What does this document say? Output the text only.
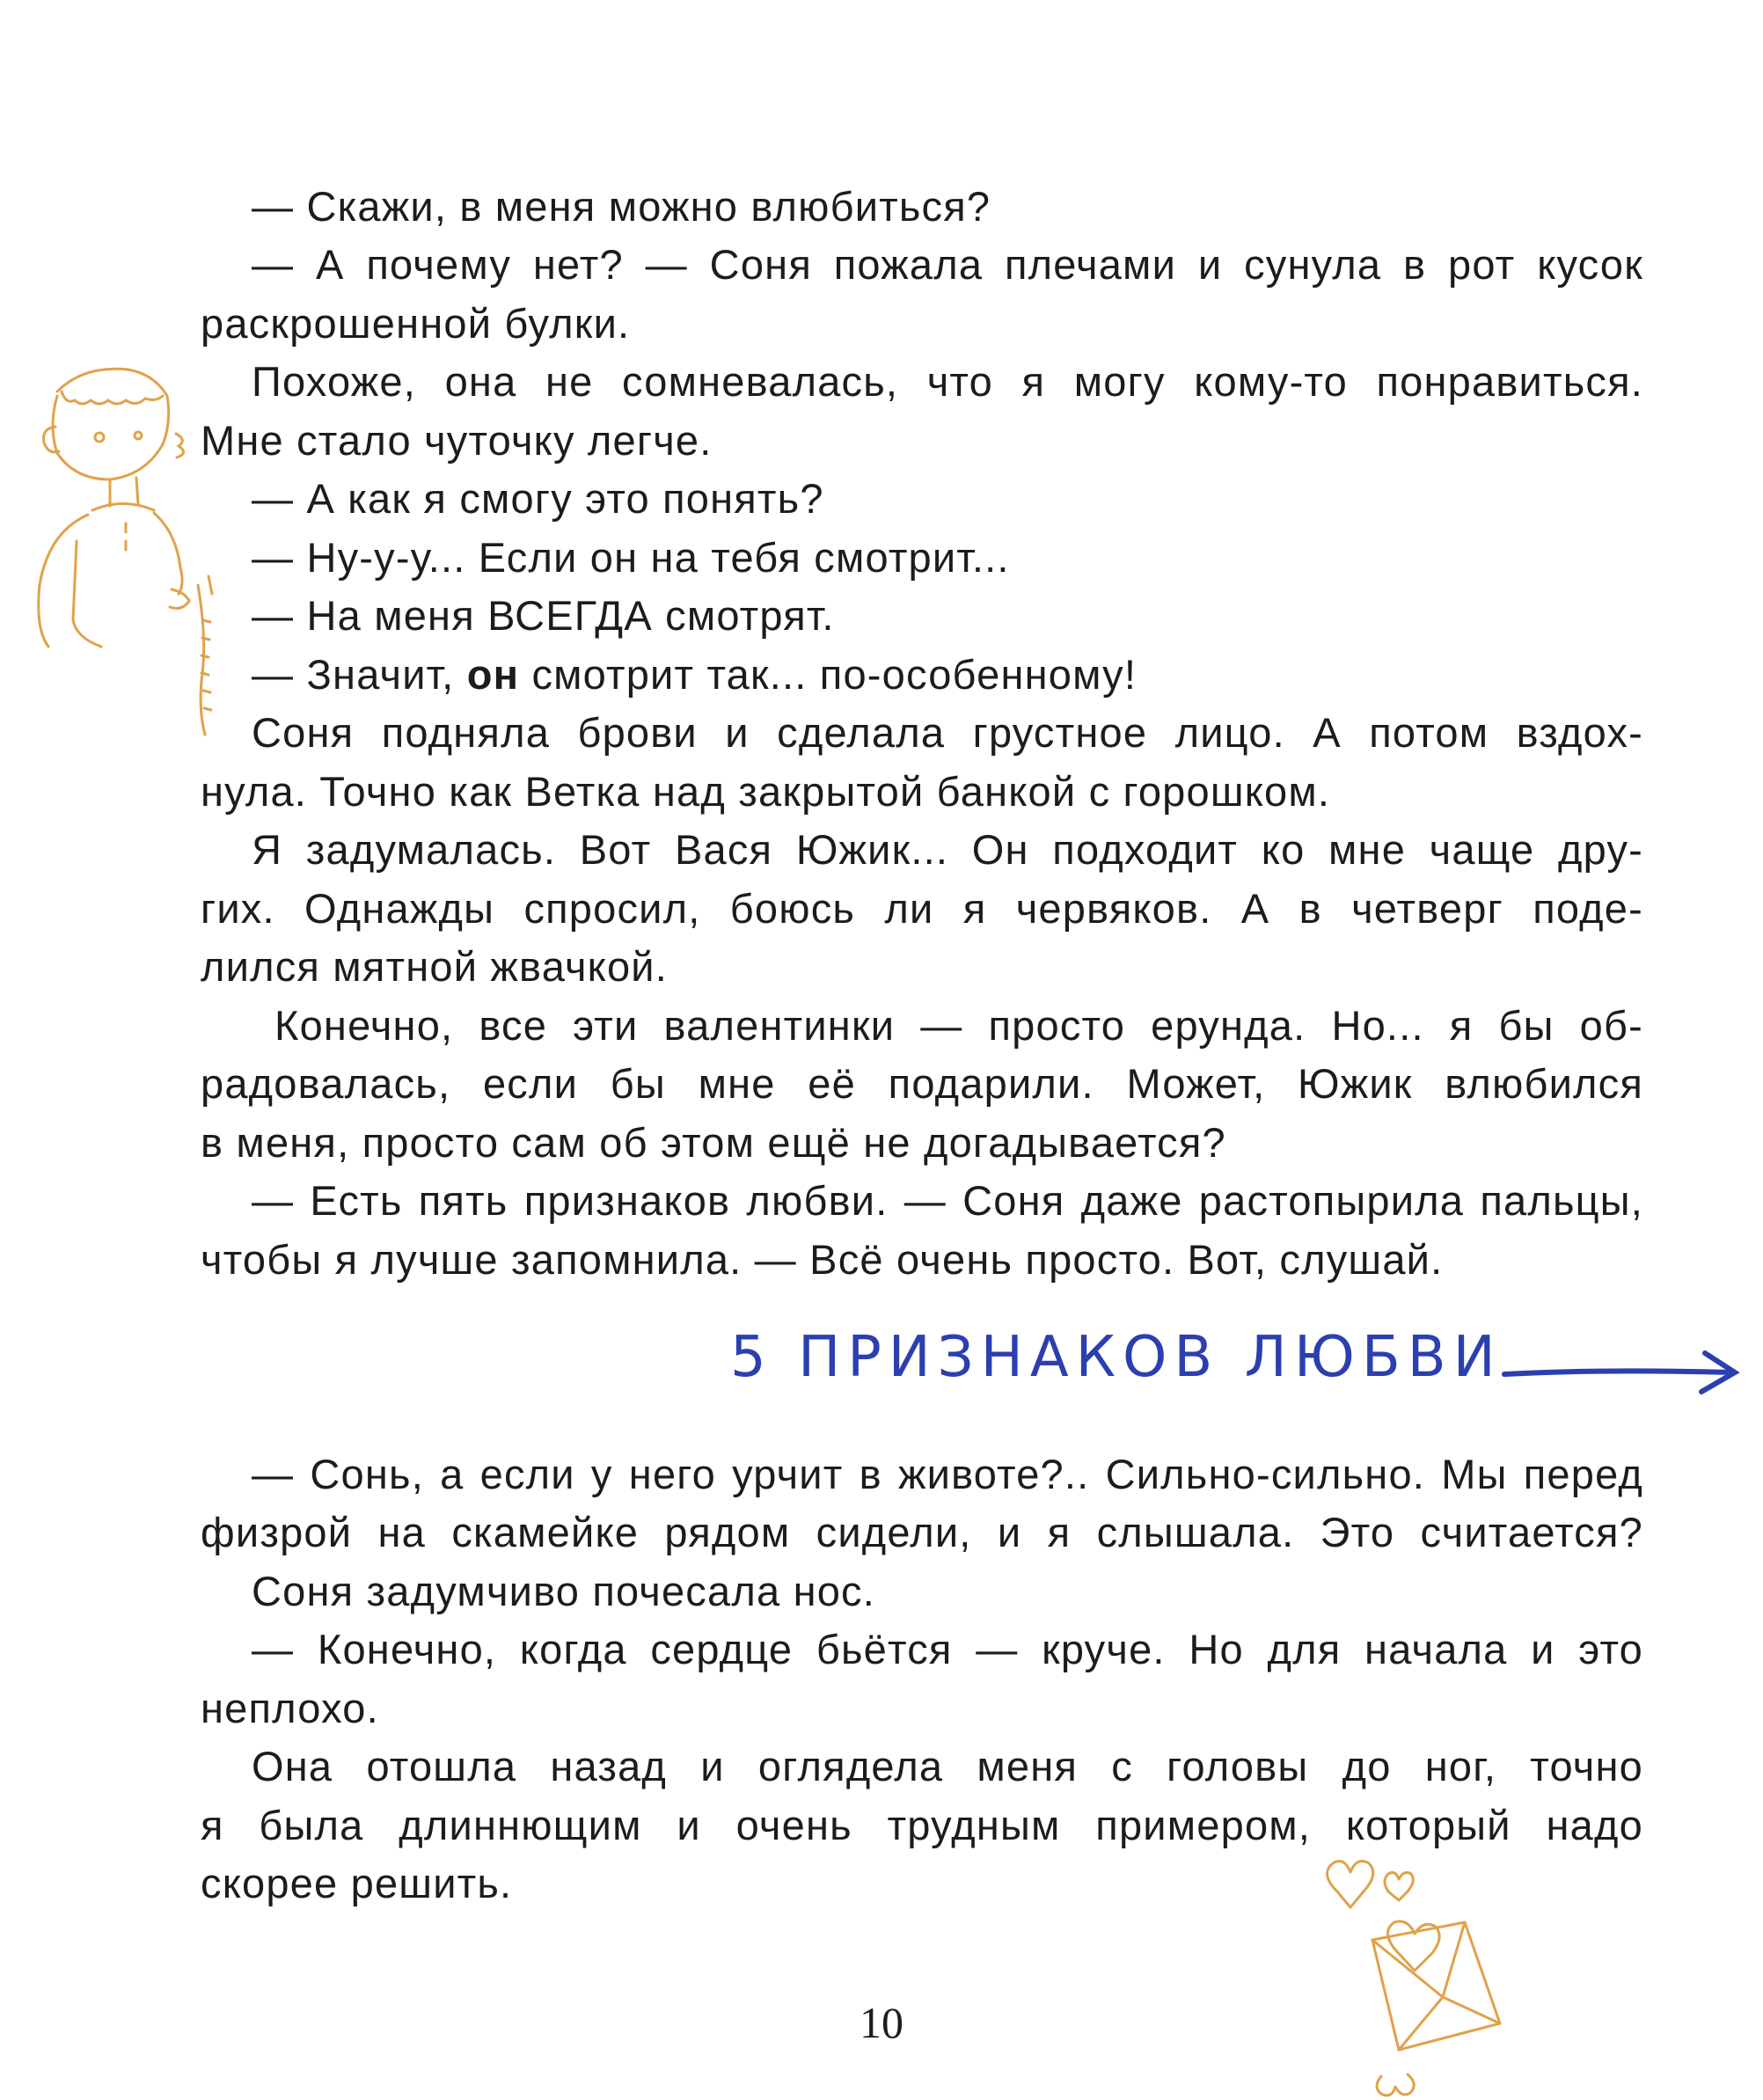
— Скажи, в меня можно влюбиться?
— А почему нет? — Соня пожала плечами и сунула в рот кусок
раскрошенной булки.
Похоже, она не сомневалась, что я могу кому-то понравиться.
Мне стало чуточку легче.
— А как я смогу это понять?
— Ну-у-у... Если он на тебя смотрит...
— На меня ВСЕГДА смотрят.
— Значит, он смотрит так... по-особенному!
Соня подняла брови и сделала грустное лицо. А потом вздох-
нула. Точно как Ветка над закрытой банкой с горошком.
Я задумалась. Вот Вася Южик... Он подходит ко мне чаще дру-
гих. Однажды спросил, боюсь ли я червяков. А в четверг поде-
лился мятной жвачкой.
Конечно, все эти валентинки — просто ерунда. Но... я бы об-
радовалась, если бы мне её подарили. Может, Южик влюбился
в меня, просто сам об этом ещё не догадывается?
— Есть пять признаков любви. — Соня даже растопырила пальцы,
чтобы я лучше запомнила. — Всё очень просто. Вот, слушай.
5 ПРИЗНАКОВ ЛЮБВИ
— Сонь, а если у него урчит в животе?.. Сильно-сильно. Мы перед
физрой на скамейке рядом сидели, и я слышала. Это считается?
Соня задумчиво почесала нос.
— Конечно, когда сердце бьётся — круче. Но для начала и это
неплохо.
Она отошла назад и оглядела меня с головы до ног, точно
я была длиннющим и очень трудным примером, который надо
скорее решить.
10
